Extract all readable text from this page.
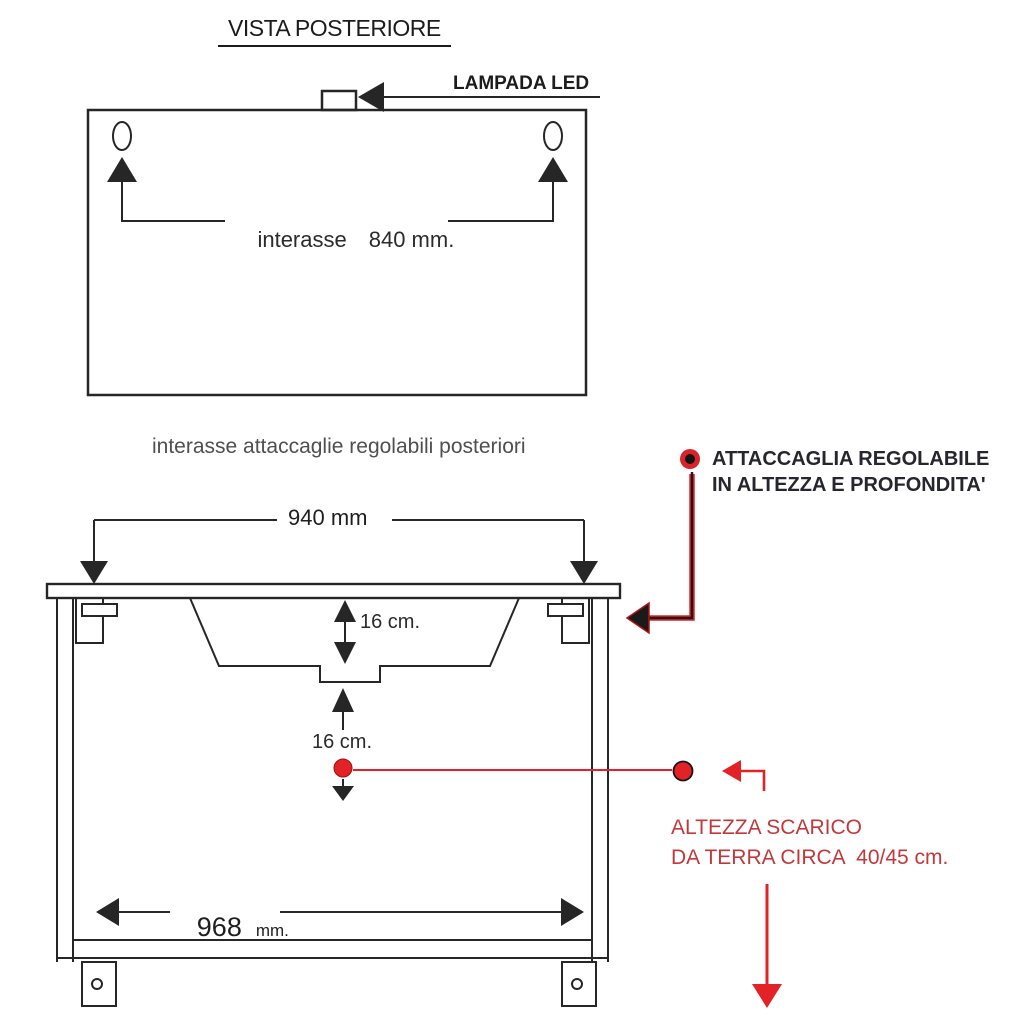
VISTA POSTERIORE
LAMPADA LED

interasse 840 mm.

interasse attaccaglie regolabili posteriori
ATTACCAGLIA REGOLABILE
IN ALTEZZA E PROFONDITA'
940 mm
16 cm.
16 cm.

968 mm.

ALTEZZA SCARICO
DA TERRA CIRCA  40/45 cm.
